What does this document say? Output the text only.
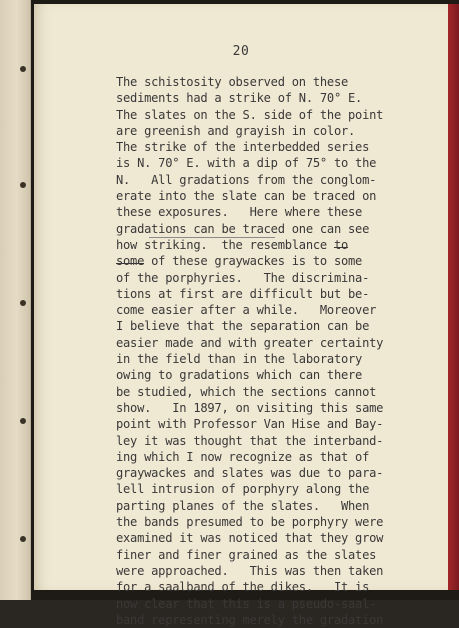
20
The schistosity observed on these
sediments had a strike of N. 70° E.
The slates on the S. side of the point
are greenish and grayish in color.
The strike of the interbedded series
is N. 70° E. with a dip of 75° to the
N.   All gradations from the conglom-
erate into the slate can be traced on
these exposures.   Here where these
gradations can be traced one can see
how striking.  the resemblance to
some of these graywackes is to some
of the porphyries.   The discrimina-
tions at first are difficult but be-
come easier after a while.   Moreover
I believe that the separation can be
easier made and with greater certainty
in the field than in the laboratory
owing to gradations which can there
be studied, which the sections cannot
show.   In 1897, on visiting this same
point with Professor Van Hise and Bay-
ley it was thought that the interband-
ing which I now recognize as that of
graywackes and slates was due to para-
lell intrusion of porphyry along the
parting planes of the slates.   When
the bands presumed to be porphyry were
examined it was noticed that they grow
finer and finer grained as the slates
were approached.   This was then taken
for a saalband of the dikes.   It is
now clear that this is a pseudo-saal-
band representing merely the gradation
